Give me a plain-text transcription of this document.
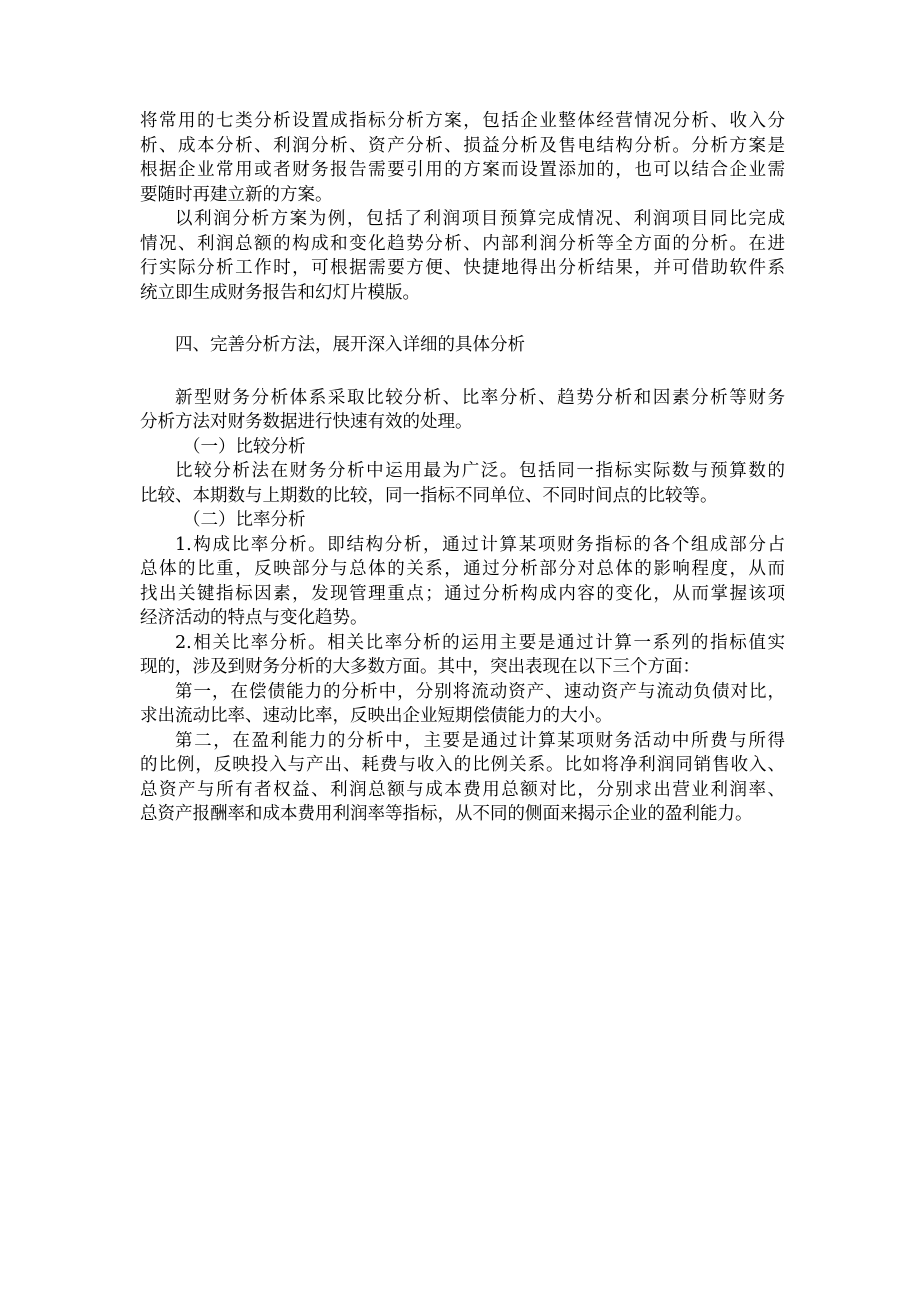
将常用的七类分析设置成指标分析方案，包括企业整体经营情况分析、收入分
析、成本分析、利润分析、资产分析、损益分析及售电结构分析。分析方案是
根据企业常用或者财务报告需要引用的方案而设置添加的，也可以结合企业需
要随时再建立新的方案。
以利润分析方案为例，包括了利润项目预算完成情况、利润项目同比完成
情况、利润总额的构成和变化趋势分析、内部利润分析等全方面的分析。在进
行实际分析工作时，可根据需要方便、快捷地得出分析结果，并可借助软件系
统立即生成财务报告和幻灯片模版。
四、完善分析方法，展开深入详细的具体分析
新型财务分析体系采取比较分析、比率分析、趋势分析和因素分析等财务
分析方法对财务数据进行快速有效的处理。
（一）比较分析
比较分析法在财务分析中运用最为广泛。包括同一指标实际数与预算数的
比较、本期数与上期数的比较，同一指标不同单位、不同时间点的比较等。
（二）比率分析
1.构成比率分析。即结构分析，通过计算某项财务指标的各个组成部分占
总体的比重，反映部分与总体的关系，通过分析部分对总体的影响程度，从而
找出关键指标因素，发现管理重点；通过分析构成内容的变化，从而掌握该项
经济活动的特点与变化趋势。
2.相关比率分析。相关比率分析的运用主要是通过计算一系列的指标值实
现的，涉及到财务分析的大多数方面。其中，突出表现在以下三个方面：
第一，在偿债能力的分析中，分别将流动资产、速动资产与流动负债对比，
求出流动比率、速动比率，反映出企业短期偿债能力的大小。
第二，在盈利能力的分析中，主要是通过计算某项财务活动中所费与所得
的比例，反映投入与产出、耗费与收入的比例关系。比如将净利润同销售收入、
总资产与所有者权益、利润总额与成本费用总额对比，分别求出营业利润率、
总资产报酬率和成本费用利润率等指标，从不同的侧面来揭示企业的盈利能力。
